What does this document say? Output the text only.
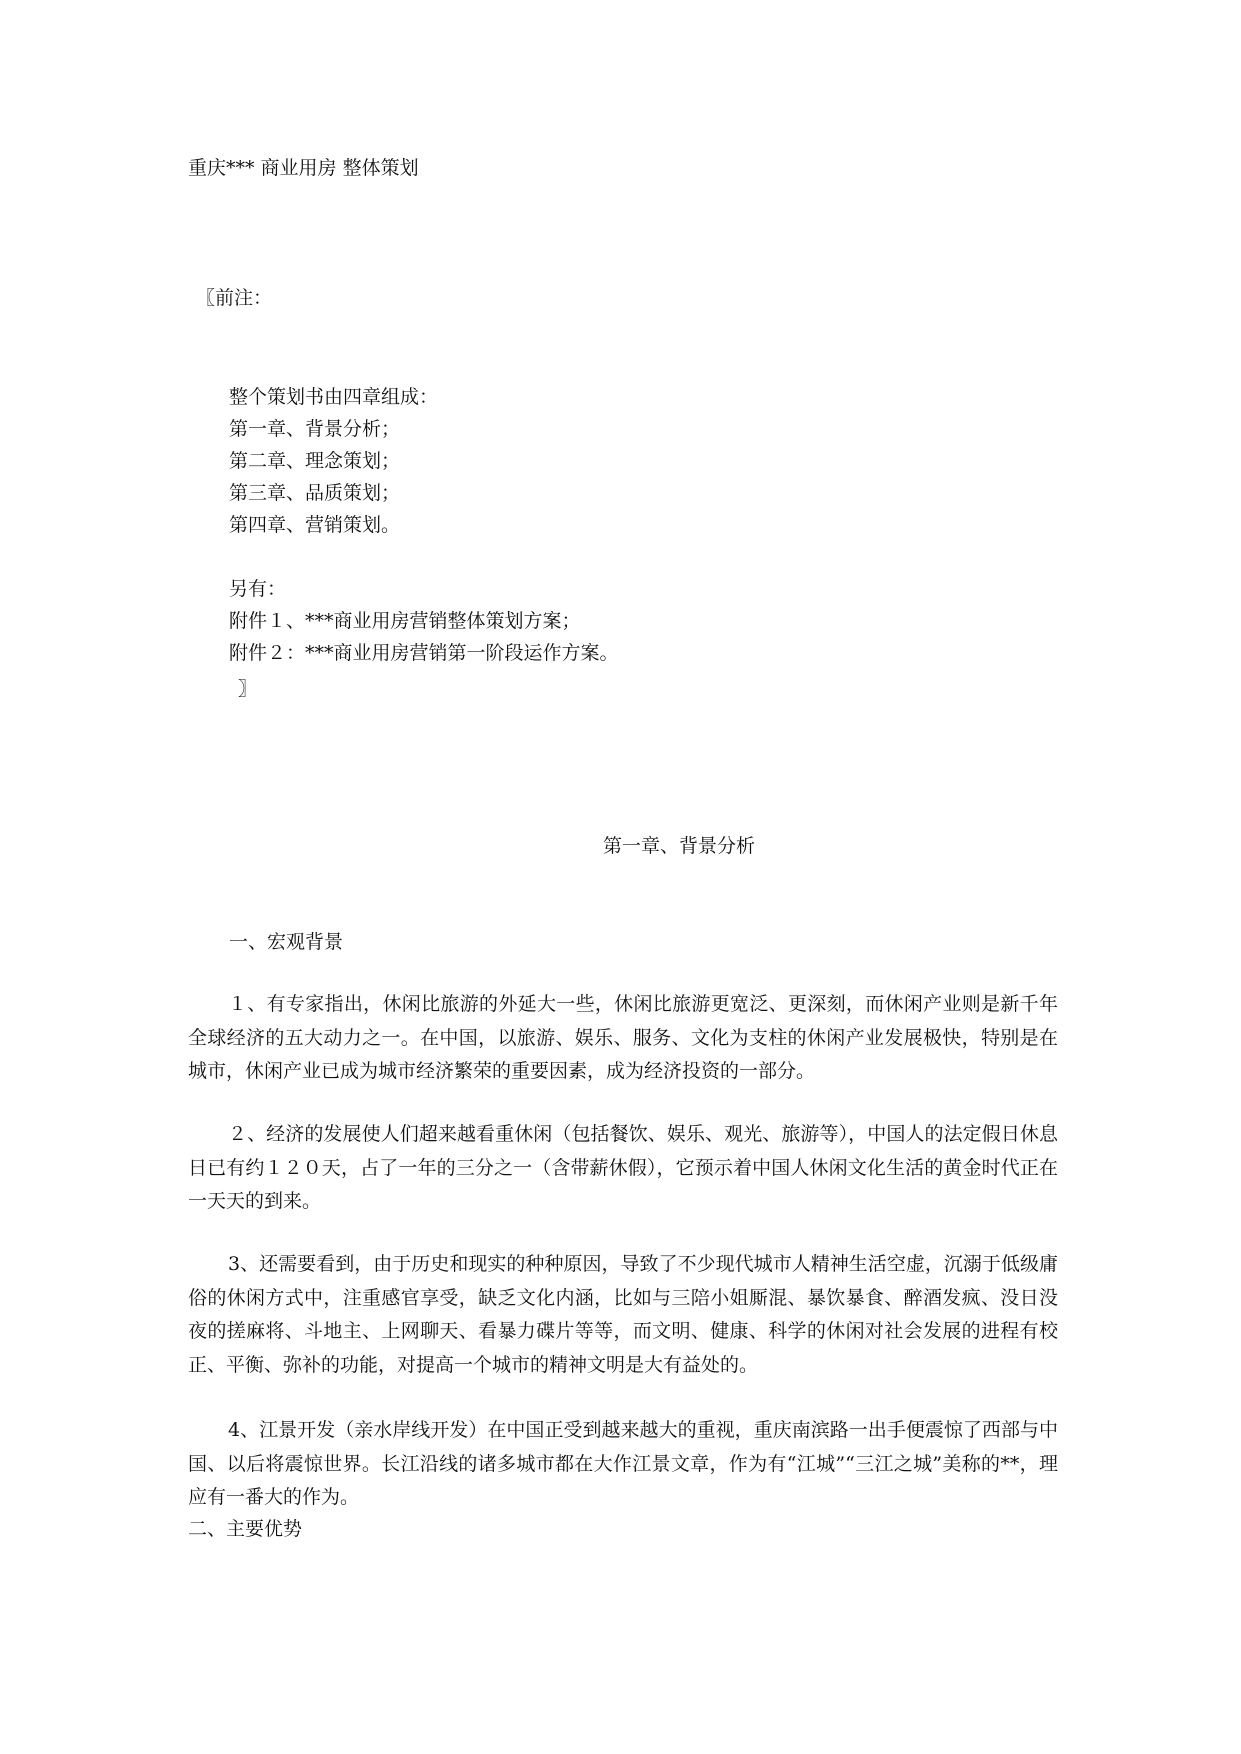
重庆*** 商业用房 整体策划
〖前注：
整个策划书由四章组成：
第一章、背景分析；
第二章、理念策划；
第三章、品质策划；
第四章、营销策划。
另有：
附件１、***商业用房营销整体策划方案；
附件２：***商业用房营销第一阶段运作方案。
〗
第一章、背景分析
一、宏观背景

１、有专家指出，休闲比旅游的外延大一些，休闲比旅游更宽泛、更深刻，而休闲产业则是新千年全球经济的五大动力之一。在中国，以旅游、娱乐、服务、文化为支柱的休闲产业发展极快，特别是在城市，休闲产业已成为城市经济繁荣的重要因素，成为经济投资的一部分。

２、经济的发展使人们超来越看重休闲（包括餐饮、娱乐、观光、旅游等），中国人的法定假日休息日已有约１２０天，占了一年的三分之一（含带薪休假），它预示着中国人休闲文化生活的黄金时代正在一天天的到来。

3、还需要看到，由于历史和现实的种种原因，导致了不少现代城市人精神生活空虚，沉溺于低级庸俗的休闲方式中，注重感官享受，缺乏文化内涵，比如与三陪小姐厮混、暴饮暴食、醉酒发疯、没日没夜的搓麻将、斗地主、上网聊天、看暴力碟片等等，而文明、健康、科学的休闲对社会发展的进程有校正、平衡、弥补的功能，对提高一个城市的精神文明是大有益处的。

4、江景开发（亲水岸线开发）在中国正受到越来越大的重视，重庆南滨路一出手便震惊了西部与中国、以后将震惊世界。长江沿线的诸多城市都在大作江景文章，作为有“江城”“三江之城”美称的**，理应有一番大的作为。

二、主要优势
